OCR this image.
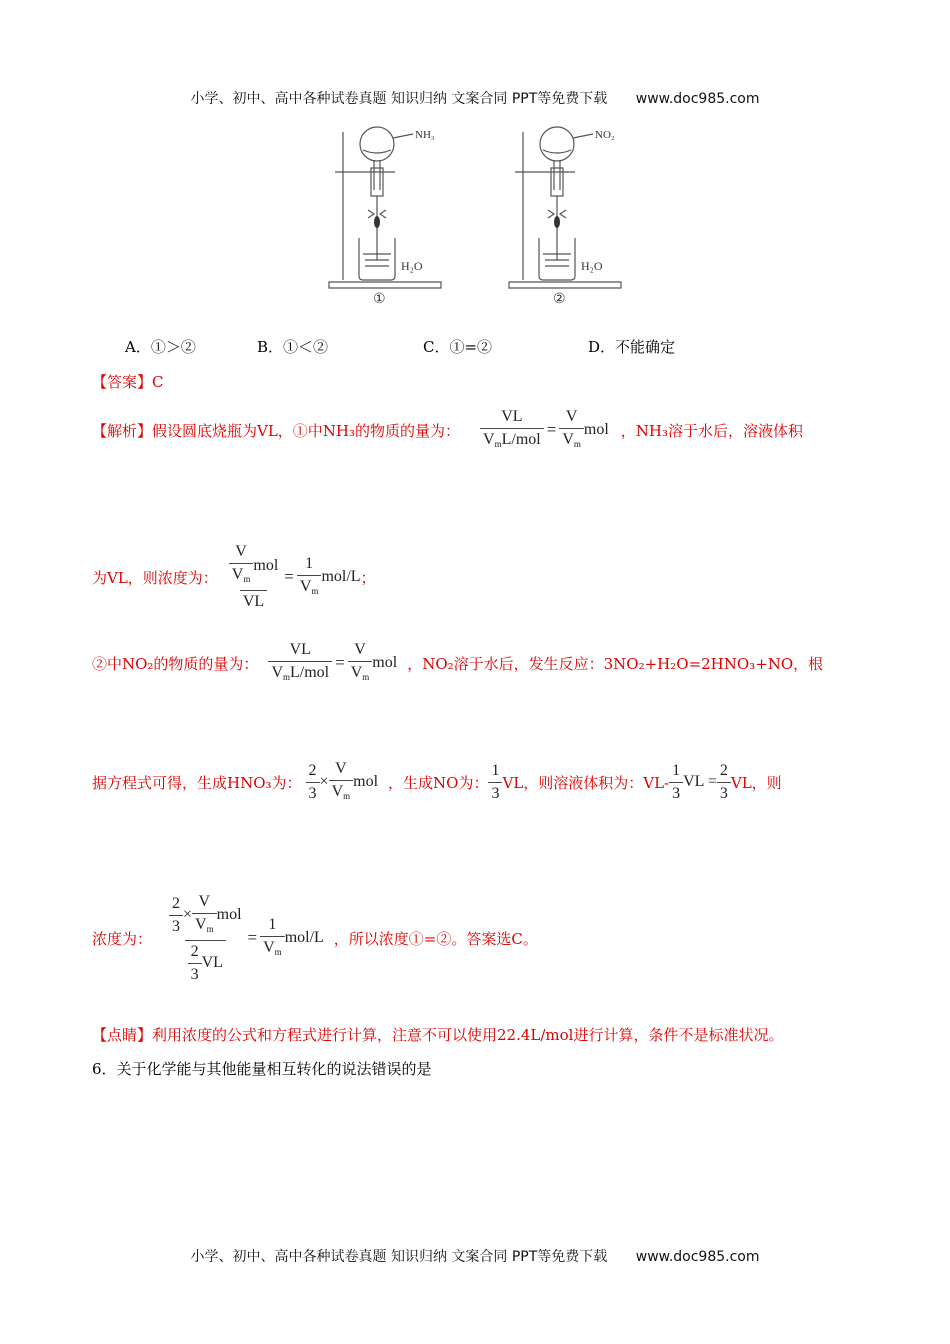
小学、初中、高中各种试卷真题 知识归纳 文案合同 PPT等免费下载 www.doc985.com
NH₃
H₂O
①
NO₂
H₂O
②
A．①＞②	B．①＜②	C．①=②	D．不能确定
【答案】C
【解析】 假设圆底烧瓶为VL，①中NH₃的物质的量为： $\frac{VL}{V_mL/mol} = \frac{V}{V_m}$ mol ，NH₃溶于水后，溶液体积
为VL，则浓度为： $\frac{\frac{V}{V_m} mol}{VL} = \frac{1}{V_m} mol/L$ ；
②中NO₂的物质的量为： $\frac{VL}{V_mL/mol} = \frac{V}{V_m}$ mol ，NO₂溶于水后，发生反应：3NO₂+H₂O=2HNO₃+NO，根
据方程式可得，生成HNO₃为： $\frac{2}{3} \times \frac{V}{V_m}$ mol ，生成NO为： $\frac{1}{3}$ VL，则溶液体积为：$VL- \frac{1}{3}$ VL = $\frac{2}{3}$ VL，则
浓度为： $\frac{\frac{2}{3} \times \frac{V}{V_m} mol}{\frac{2}{3} VL} = \frac{1}{V_m} mol/L$ ，所以浓度①=②。答案选C。
【点睛】利用浓度的公式和方程式进行计算，注意不可以使用22.4L/mol进行计算，条件不是标准状况。
6．关于化学能与其他能量相互转化的说法错误的是
小学、初中、高中各种试卷真题 知识归纳 文案合同 PPT等免费下载 www.doc985.com
